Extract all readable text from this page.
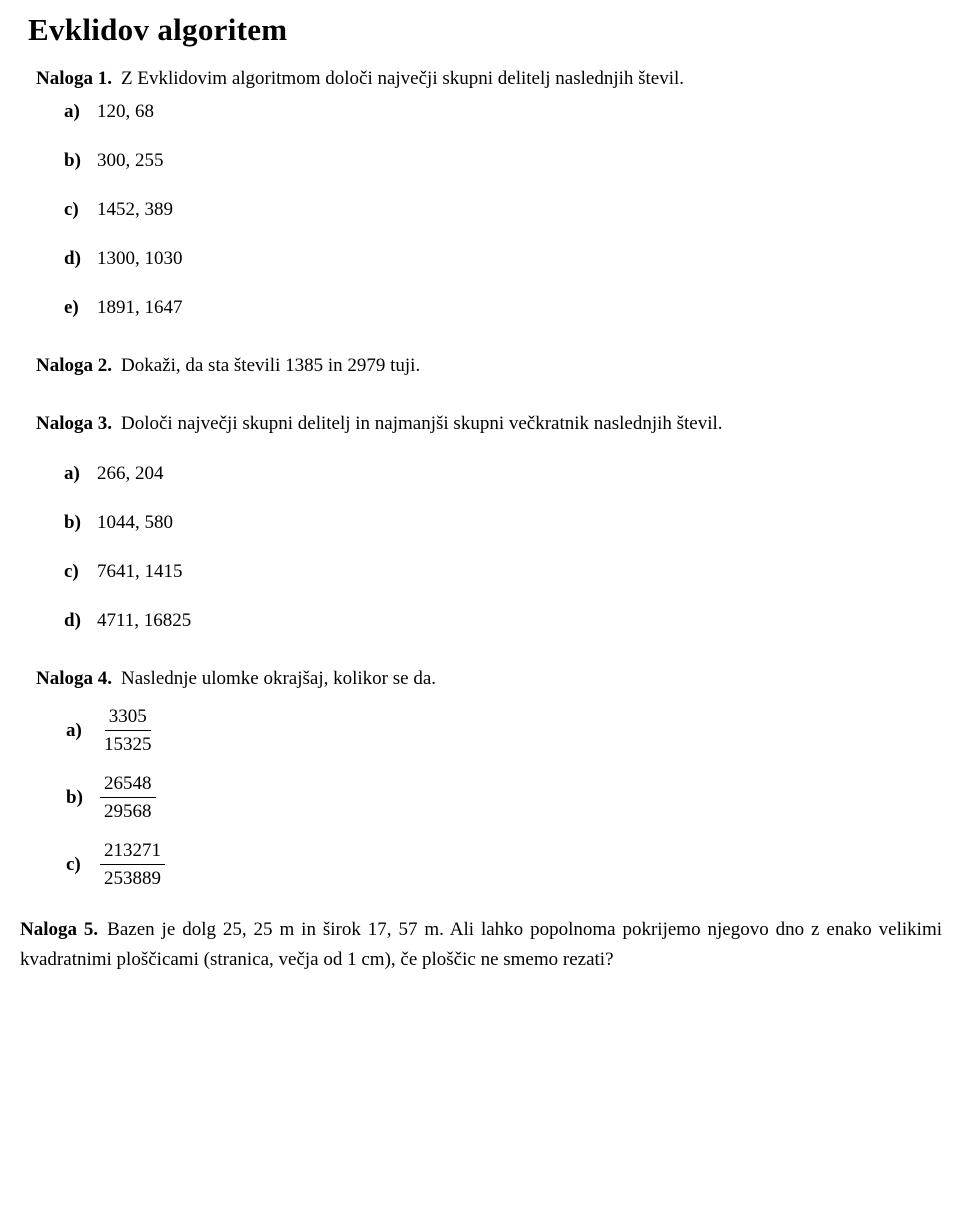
Evklidov algoritem

Naloga 1. Z Evklidovim algoritmom določi največji skupni delitelj naslednjih števil.

a) 120, 68
b) 300, 255
c) 1452, 389
d) 1300, 1030
e) 1891, 1647

Naloga 2. Dokaži, da sta števili 1385 in 2979 tuji.

Naloga 3. Določi največji skupni delitelj in najmanjši skupni večkratnik naslednjih števil.

a) 266, 204
b) 1044, 580
c) 7641, 1415
d) 4711, 16825

Naloga 4. Naslednje ulomke okrajšaj, kolikor se da.

$a) \frac{3305}{15325}$
$b) \frac{26548}{29568}$
c)	$\frac{213271}{253889}$

Naloga 5. Bazen je dolg 25, 25 m in širok 17, 57 m. Ali lahko popolnoma pokrijemo njegovo dno z enako velikimi kvadratnimi ploščicami (stranica, večja od 1 cm), če ploščic ne smemo rezati?
